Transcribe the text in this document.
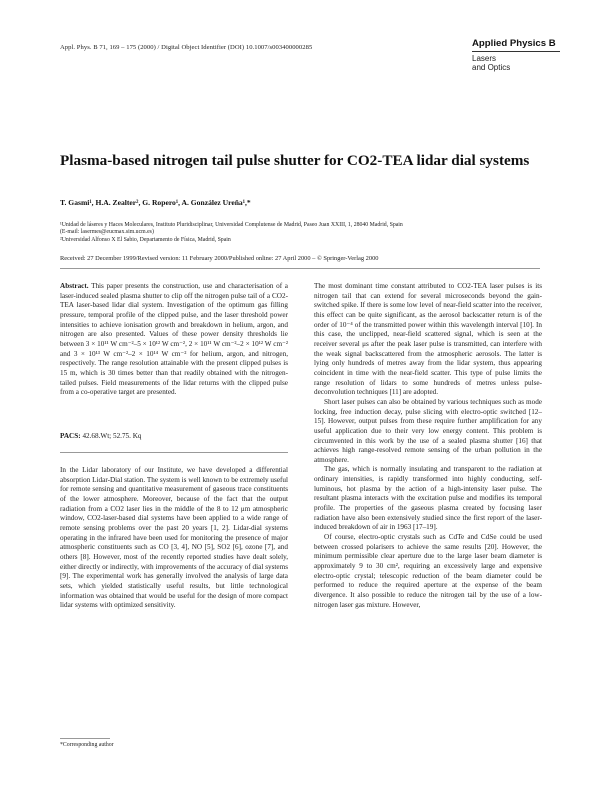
Appl. Phys. B 71, 169 – 175 (2000) / Digital Object Identifier (DOI) 10.1007/s003400000285	Applied Physics B
Lasers
and Optics
Plasma-based nitrogen tail pulse shutter for CO2-TEA lidar dial systems
T. Gasmi¹, H.A. Zealter², G. Ropero¹, A. González Ureña¹,*
¹Unidad de láseres y Haces Moleculares, Instituto Pluridisciplinar, Universidad Complutense de Madrid, Paseo Juan XXIII, 1, 28040 Madrid, Spain
(E-mail: lasermes@eucmax.sim.ucm.es)
²Universidad Alfonso X El Sabio, Departamento de Física, Madrid, Spain
Received: 27 December 1999/Revised version: 11 February 2000/Published online: 27 April 2000 – © Springer-Verlag 2000

Abstract. This paper presents the construction, use and characterisation of a laser-induced sealed plasma shutter to clip off the nitrogen pulse tail of a CO2-TEA laser-based lidar dial system. Investigation of the optimum gas filling pressure, temporal profile of the clipped pulse, and the laser threshold power intensities to achieve ionisation growth and breakdown in helium, argon, and nitrogen are also presented. Values of these power density thresholds lie between 3 × 10¹¹ W cm⁻²–5 × 10¹² W cm⁻², 2 × 10¹¹ W cm⁻²–2 × 10¹² W cm⁻² and 3 × 10¹³ W cm⁻²–2 × 10¹⁴ W cm⁻² for helium, argon, and nitrogen, respectively. The range resolution attainable with the present clipped pulses is 15 m, which is 30 times better than that readily obtained with the nitrogen-tailed pulses. Field measurements of the lidar returns with the clipped pulse from a co-operative target are presented.

PACS: 42.68.Wt; 52.75. Kq

In the Lidar laboratory of our Institute, we have developed a differential absorption Lidar-Dial station. The system is well known to be extremely useful for remote sensing and quantitative measurement of gaseous trace constituents of the lower atmosphere. Moreover, because of the fact that the output radiation from a CO2 laser lies in the middle of the 8 to 12 μm atmospheric window, CO2-laser-based dial systems have been applied to a wide range of remote sensing problems over the past 20 years [1, 2]. Lidar-dial systems operating in the infrared have been used for monitoring the presence of major atmospheric constituents such as CO [3, 4], NO [5], SO2 [6], ozone [7], and others [8]. However, most of the recently reported studies have dealt solely, either directly or indirectly, with improvements of the accuracy of dial systems [9]. The experimental work has generally involved the analysis of large data sets, which yielded statistically useful results, but little technological information was obtained that would be useful for the design of more compact lidar systems with optimized sensitivity.

The most dominant time constant attributed to CO2-TEA laser pulses is its nitrogen tail that can extend for several microseconds beyond the gain-switched spike. If there is some low level of near-field scatter into the receiver, this effect can be quite significant, as the aerosol backscatter return is of the order of 10⁻⁴ of the transmitted power within this wavelength interval [10]. In this case, the unclipped, near-field scattered signal, which is seen at the receiver several μs after the peak laser pulse is transmitted, can interfere with the weak signal backscattered from the atmospheric aerosols. The latter is lying only hundreds of metres away from the lidar system, thus appearing coincident in time with the near-field scatter. This type of pulse limits the range resolution of lidars to some hundreds of metres unless pulse-deconvolution techniques [11] are adopted.

Short laser pulses can also be obtained by various techniques such as mode locking, free induction decay, pulse slicing with electro-optic switched [12–15]. However, output pulses from these require further amplification for any useful application due to their very low energy content. This problem is circumvented in this work by the use of a sealed plasma shutter [16] that achieves high range-resolved remote sensing of the urban pollution in the atmosphere.

The gas, which is normally insulating and transparent to the radiation at ordinary intensities, is rapidly transformed into highly conducting, self-luminous, hot plasma by the action of a high-intensity laser pulse. The resultant plasma interacts with the excitation pulse and modifies its temporal profile. The properties of the gaseous plasma created by focusing laser radiation have also been extensively studied since the first report of the laser-induced breakdown of air in 1963 [17–19].

Of course, electro-optic crystals such as CdTe and CdSe could be used between crossed polarisers to achieve the same results [20]. However, the minimum permissible clear aperture due to the large laser beam diameter is approximately 9 to 30 cm², requiring an excessively large and expensive electro-optic crystal; telescopic reduction of the beam diameter could be performed to reduce the required aperture at the expense of the beam divergence. It also possible to reduce the nitrogen tail by the use of a low-nitrogen laser gas mixture. However,

*Corresponding author
